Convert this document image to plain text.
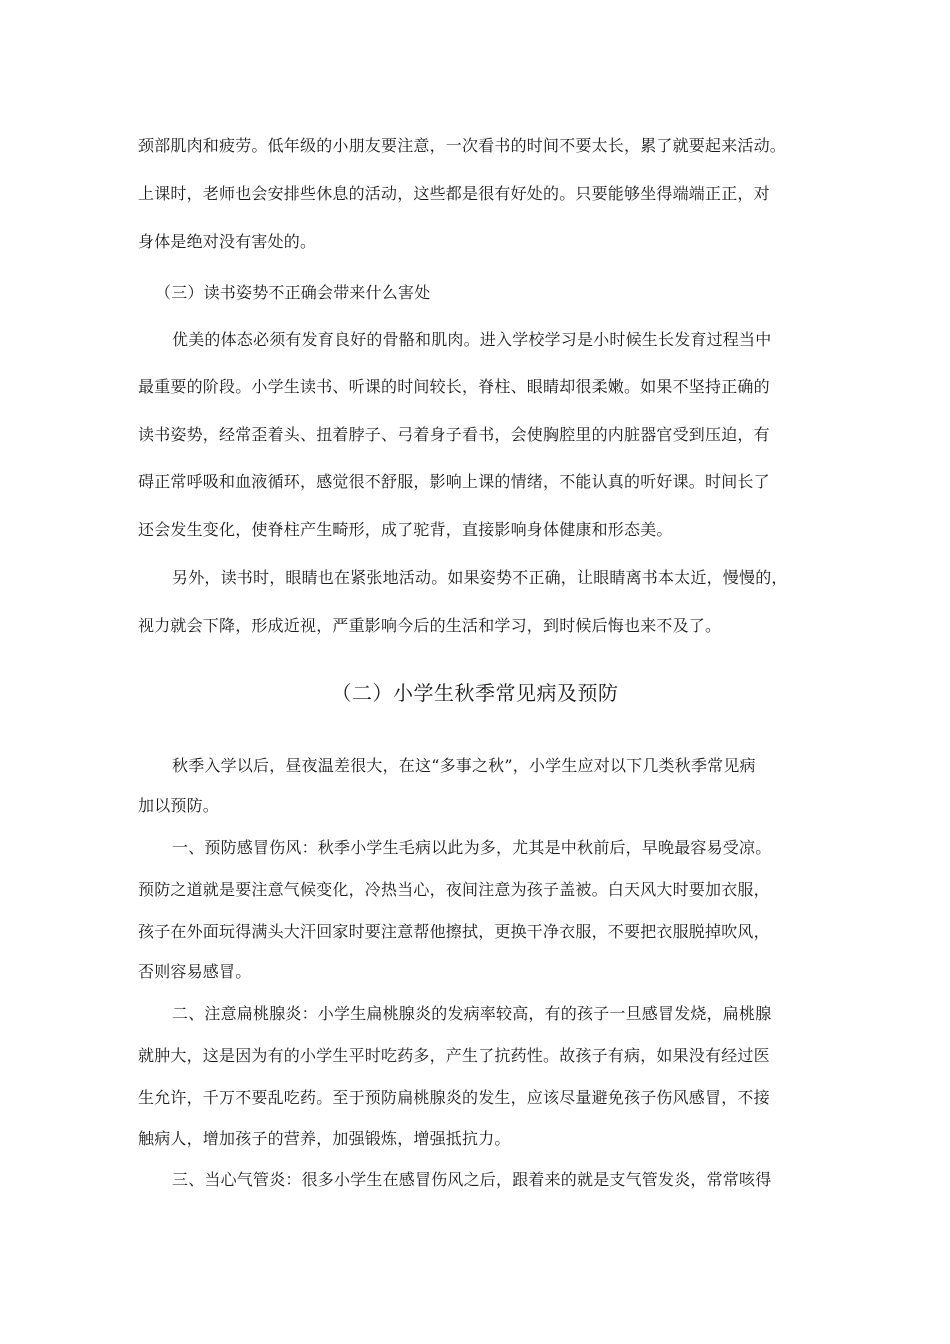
颈部肌肉和疲劳。低年级的小朋友要注意，一次看书的时间不要太长，累了就要起来活动。
上课时，老师也会安排些休息的活动，这些都是很有好处的。只要能够坐得端端正正，对
身体是绝对没有害处的。
（三）读书姿势不正确会带来什么害处
优美的体态必须有发育良好的骨骼和肌肉。进入学校学习是小时候生长发育过程当中
最重要的阶段。小学生读书、听课的时间较长，脊柱、眼睛却很柔嫩。如果不坚持正确的
读书姿势，经常歪着头、扭着脖子、弓着身子看书，会使胸腔里的内脏器官受到压迫，有
碍正常呼吸和血液循环，感觉很不舒服，影响上课的情绪，不能认真的听好课。时间长了
还会发生变化，使脊柱产生畸形，成了驼背，直接影响身体健康和形态美。
另外，读书时，眼睛也在紧张地活动。如果姿势不正确，让眼睛离书本太近，慢慢的，
视力就会下降，形成近视，严重影响今后的生活和学习，到时候后悔也来不及了。
（二）小学生秋季常见病及预防
秋季入学以后，昼夜温差很大，在这“多事之秋”，小学生应对以下几类秋季常见病
加以预防。
一、预防感冒伤风：秋季小学生毛病以此为多，尤其是中秋前后，早晚最容易受凉。
预防之道就是要注意气候变化，冷热当心，夜间注意为孩子盖被。白天风大时要加衣服，
孩子在外面玩得满头大汗回家时要注意帮他擦拭，更换干净衣服，不要把衣服脱掉吹风，
否则容易感冒。
二、注意扁桃腺炎：小学生扁桃腺炎的发病率较高，有的孩子一旦感冒发烧，扁桃腺
就肿大，这是因为有的小学生平时吃药多，产生了抗药性。故孩子有病，如果没有经过医
生允许，千万不要乱吃药。至于预防扁桃腺炎的发生，应该尽量避免孩子伤风感冒，不接
触病人，增加孩子的营养，加强锻炼，增强抵抗力。
三、当心气管炎：很多小学生在感冒伤风之后，跟着来的就是支气管发炎，常常咳得
